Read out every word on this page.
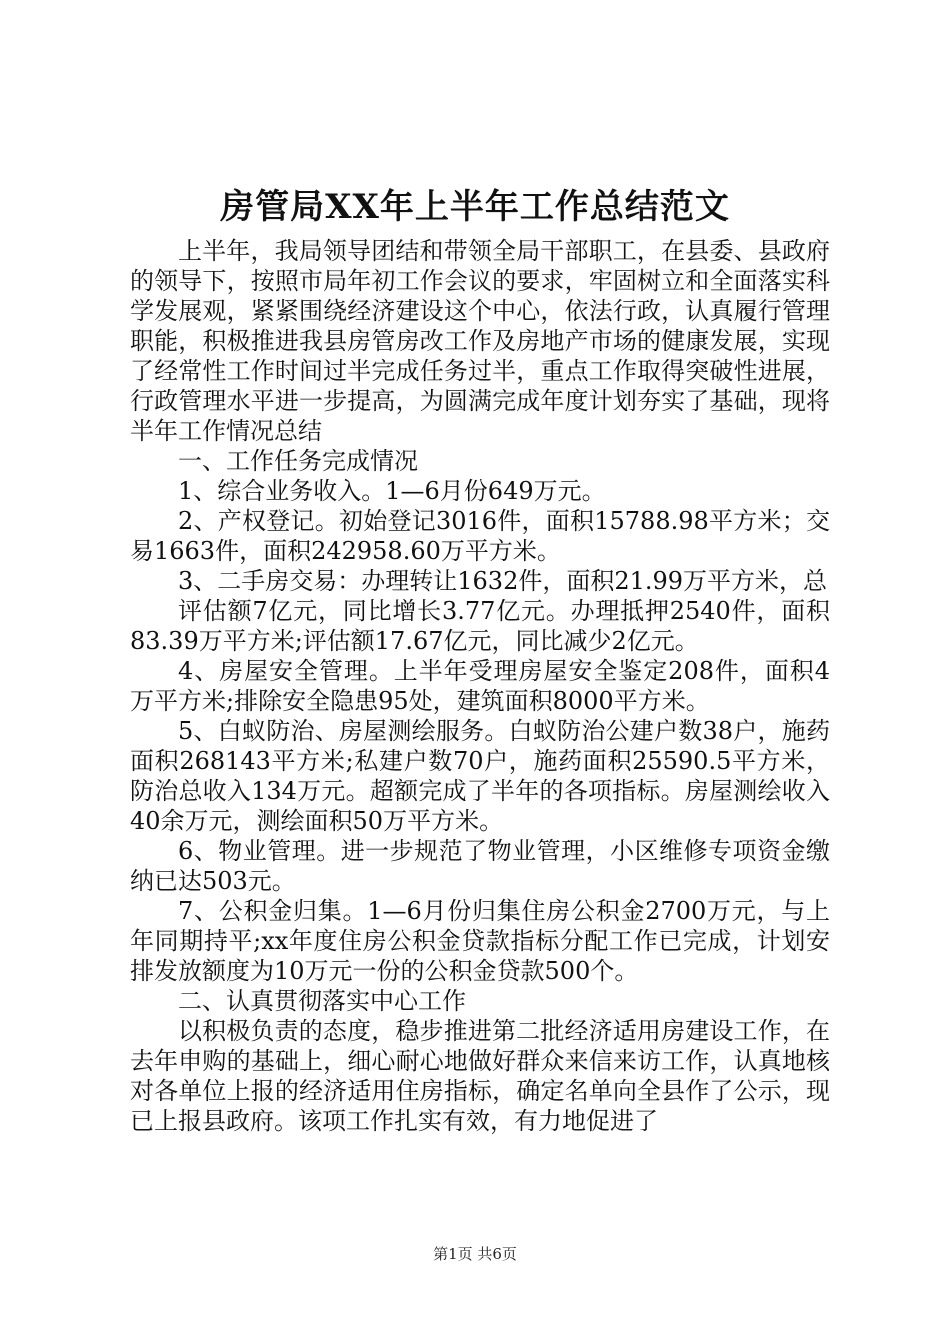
房管局XX年上半年工作总结范文

上半年，我局领导团结和带领全局干部职工，在县委、县政府的领导下，按照市局年初工作会议的要求，牢固树立和全面落实科学发展观，紧紧围绕经济建设这个中心，依法行政，认真履行管理职能，积极推进我县房管房改工作及房地产市场的健康发展，实现了经常性工作时间过半完成任务过半，重点工作取得突破性进展，行政管理水平进一步提高，为圆满完成年度计划夯实了基础，现将半年工作情况总结

一、工作任务完成情况

1、综合业务收入。1—6月份649万元。

2、产权登记。初始登记3016件，面积15788.98平方米；交易1663件，面积242958.60万平方米。

3、二手房交易：办理转让1632件，面积21.99万平方米，总

评估额7亿元，同比增长3.77亿元。办理抵押2540件，面积83.39万平方米;评估额17.67亿元，同比减少2亿元。

4、房屋安全管理。上半年受理房屋安全鉴定208件，面积4万平方米;排除安全隐患95处，建筑面积8000平方米。

5、白蚁防治、房屋测绘服务。白蚁防治公建户数38户，施药面积268143平方米;私建户数70户，施药面积25590.5平方米，防治总收入134万元。超额完成了半年的各项指标。房屋测绘收入40余万元，测绘面积50万平方米。

6、物业管理。进一步规范了物业管理，小区维修专项资金缴纳已达503元。

7、公积金归集。1—6月份归集住房公积金2700万元，与上年同期持平;xx年度住房公积金贷款指标分配工作已完成，计划安排发放额度为10万元一份的公积金贷款500个。

二、认真贯彻落实中心工作

以积极负责的态度，稳步推进第二批经济适用房建设工作，在去年申购的基础上，细心耐心地做好群众来信来访工作，认真地核对各单位上报的经济适用住房指标，确定名单向全县作了公示，现已上报县政府。该项工作扎实有效，有力地促进了

第1页 共6页
